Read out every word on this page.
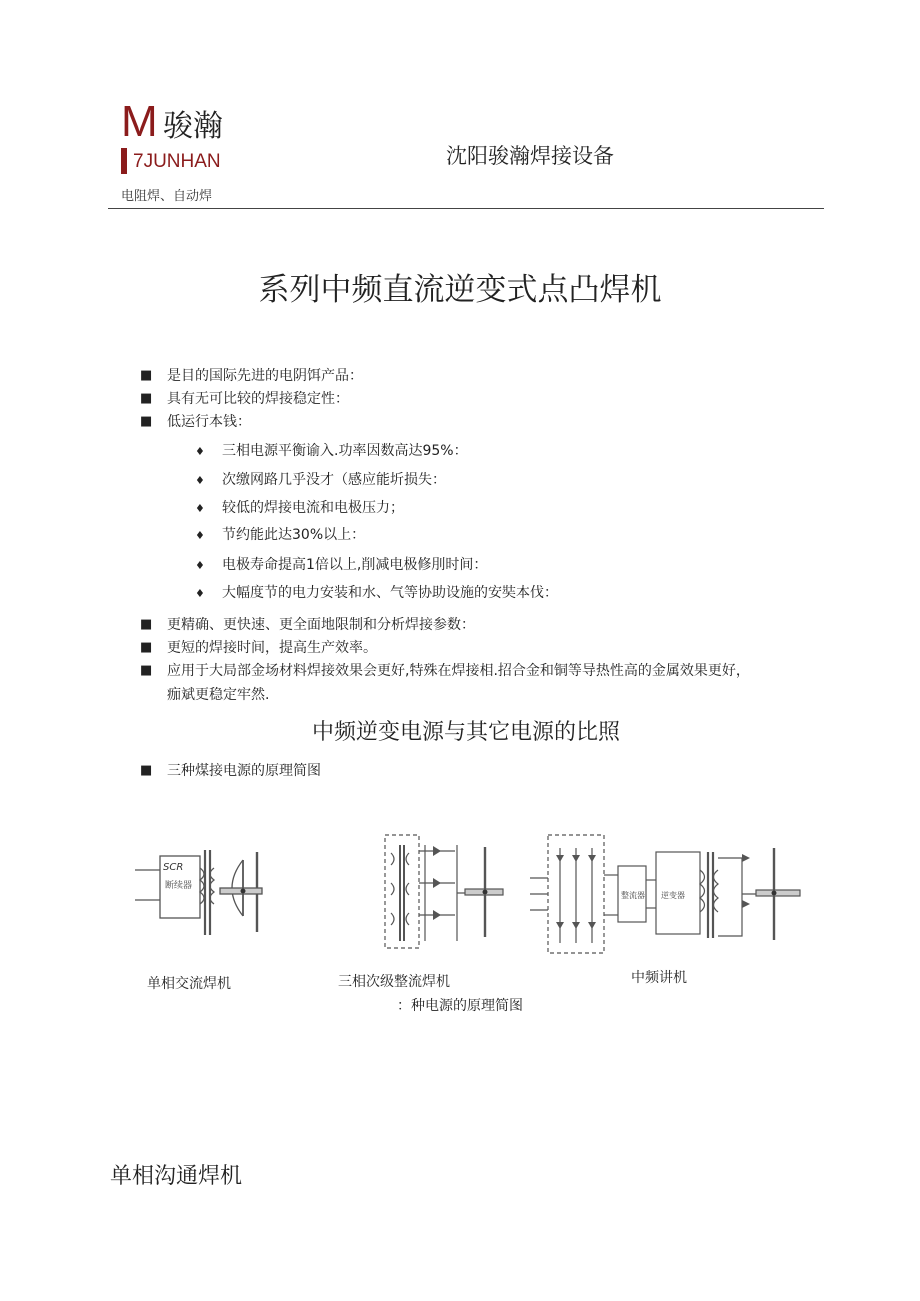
M 骏瀚
7JUNHAN	沈阳骏瀚焊接设备
电阻焊、自动焊
系列中频直流逆变式点凸焊机
■ 是目的国际先进的电阴饵产品：
■ 具有无可比较的焊接稳定性：
■ 低运行本钱：
♦ 三相电源平衡谕入.功率因数高达95%：
♦ 次缴网路几乎没才（感应能圻损失：
♦ 较低的焊接电流和电极压力；
♦ 节约能此达30%以上：
♦ 电极寿命提高1倍以上,削减电极修刖时间：
♦ 大幅度节的电力安装和水、气等协助设施的安奘本伐：
■ 更精确、更快速、更全面地限制和分析焊接参数：
■ 更短的焊接时间，提高生产效率。
■ 应用于大局部金场材料焊接效果会更好,特殊在焊接相.招合金和铜等导热性高的金属效果更好，
痂斌更稳定牢然.
中频逆变电源与其它电源的比照
■ 三种煤接电源的原理简图
SCR
断续器
整流器 逆变器
单相交流焊机	三相次级整流焊机	中频讲机
：种电源的原理简图
单相沟通焊机
